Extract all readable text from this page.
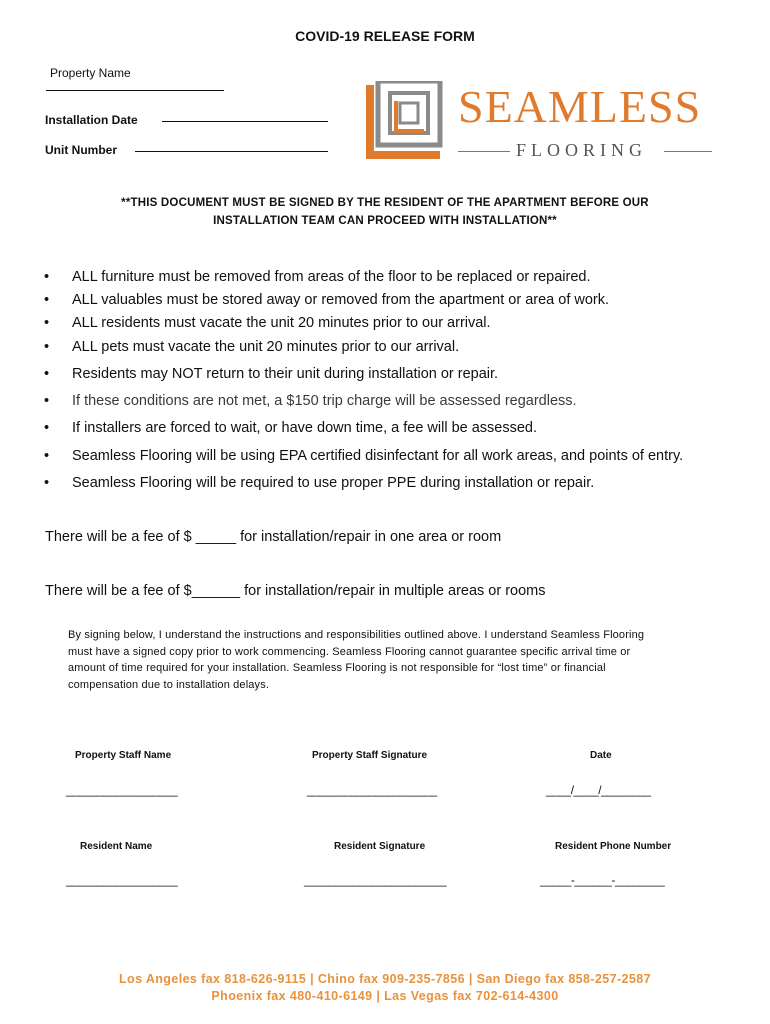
COVID-19 RELEASE FORM
Property Name
Installation Date
Unit Number
SEAMLESS
FLOORING
**THIS DOCUMENT MUST BE SIGNED BY THE RESIDENT OF THE APARTMENT BEFORE OUR
INSTALLATION TEAM CAN PROCEED WITH INSTALLATION**
• ALL furniture must be removed from areas of the floor to be replaced or repaired.
• ALL valuables must be stored away or removed from the apartment or area of work.
• ALL residents must vacate the unit 20 minutes prior to our arrival.
• ALL pets must vacate the unit 20 minutes prior to our arrival.
• Residents may NOT return to their unit during installation or repair.
• If these conditions are not met, a $150 trip charge will be assessed regardless.
• If installers are forced to wait, or have down time, a fee will be assessed.
• Seamless Flooring will be using EPA certified disinfectant for all work areas, and points of entry.
• Seamless Flooring will be required to use proper PPE during installation or repair.
There will be a fee of $ _____ for installation/repair in one area or room
There will be a fee of $______ for installation/repair in multiple areas or rooms
By signing below, I understand the instructions and responsibilities outlined above. I understand Seamless Flooring
must have a signed copy prior to work commencing. Seamless Flooring cannot guarantee specific arrival time or
amount of time required for your installation. Seamless Flooring is not responsible for “lost time” or financial
compensation due to installation delays.
Property Staff Name	Property Staff Signature	Date
__________________	_____________________	____/____/________
Resident Name	Resident Signature	Resident Phone Number
__________________	_______________________	_____-______-________
Los Angeles fax 818-626-9115 | Chino fax 909-235-7856 | San Diego fax 858-257-2587
Phoenix fax 480-410-6149 | Las Vegas fax 702-614-4300
